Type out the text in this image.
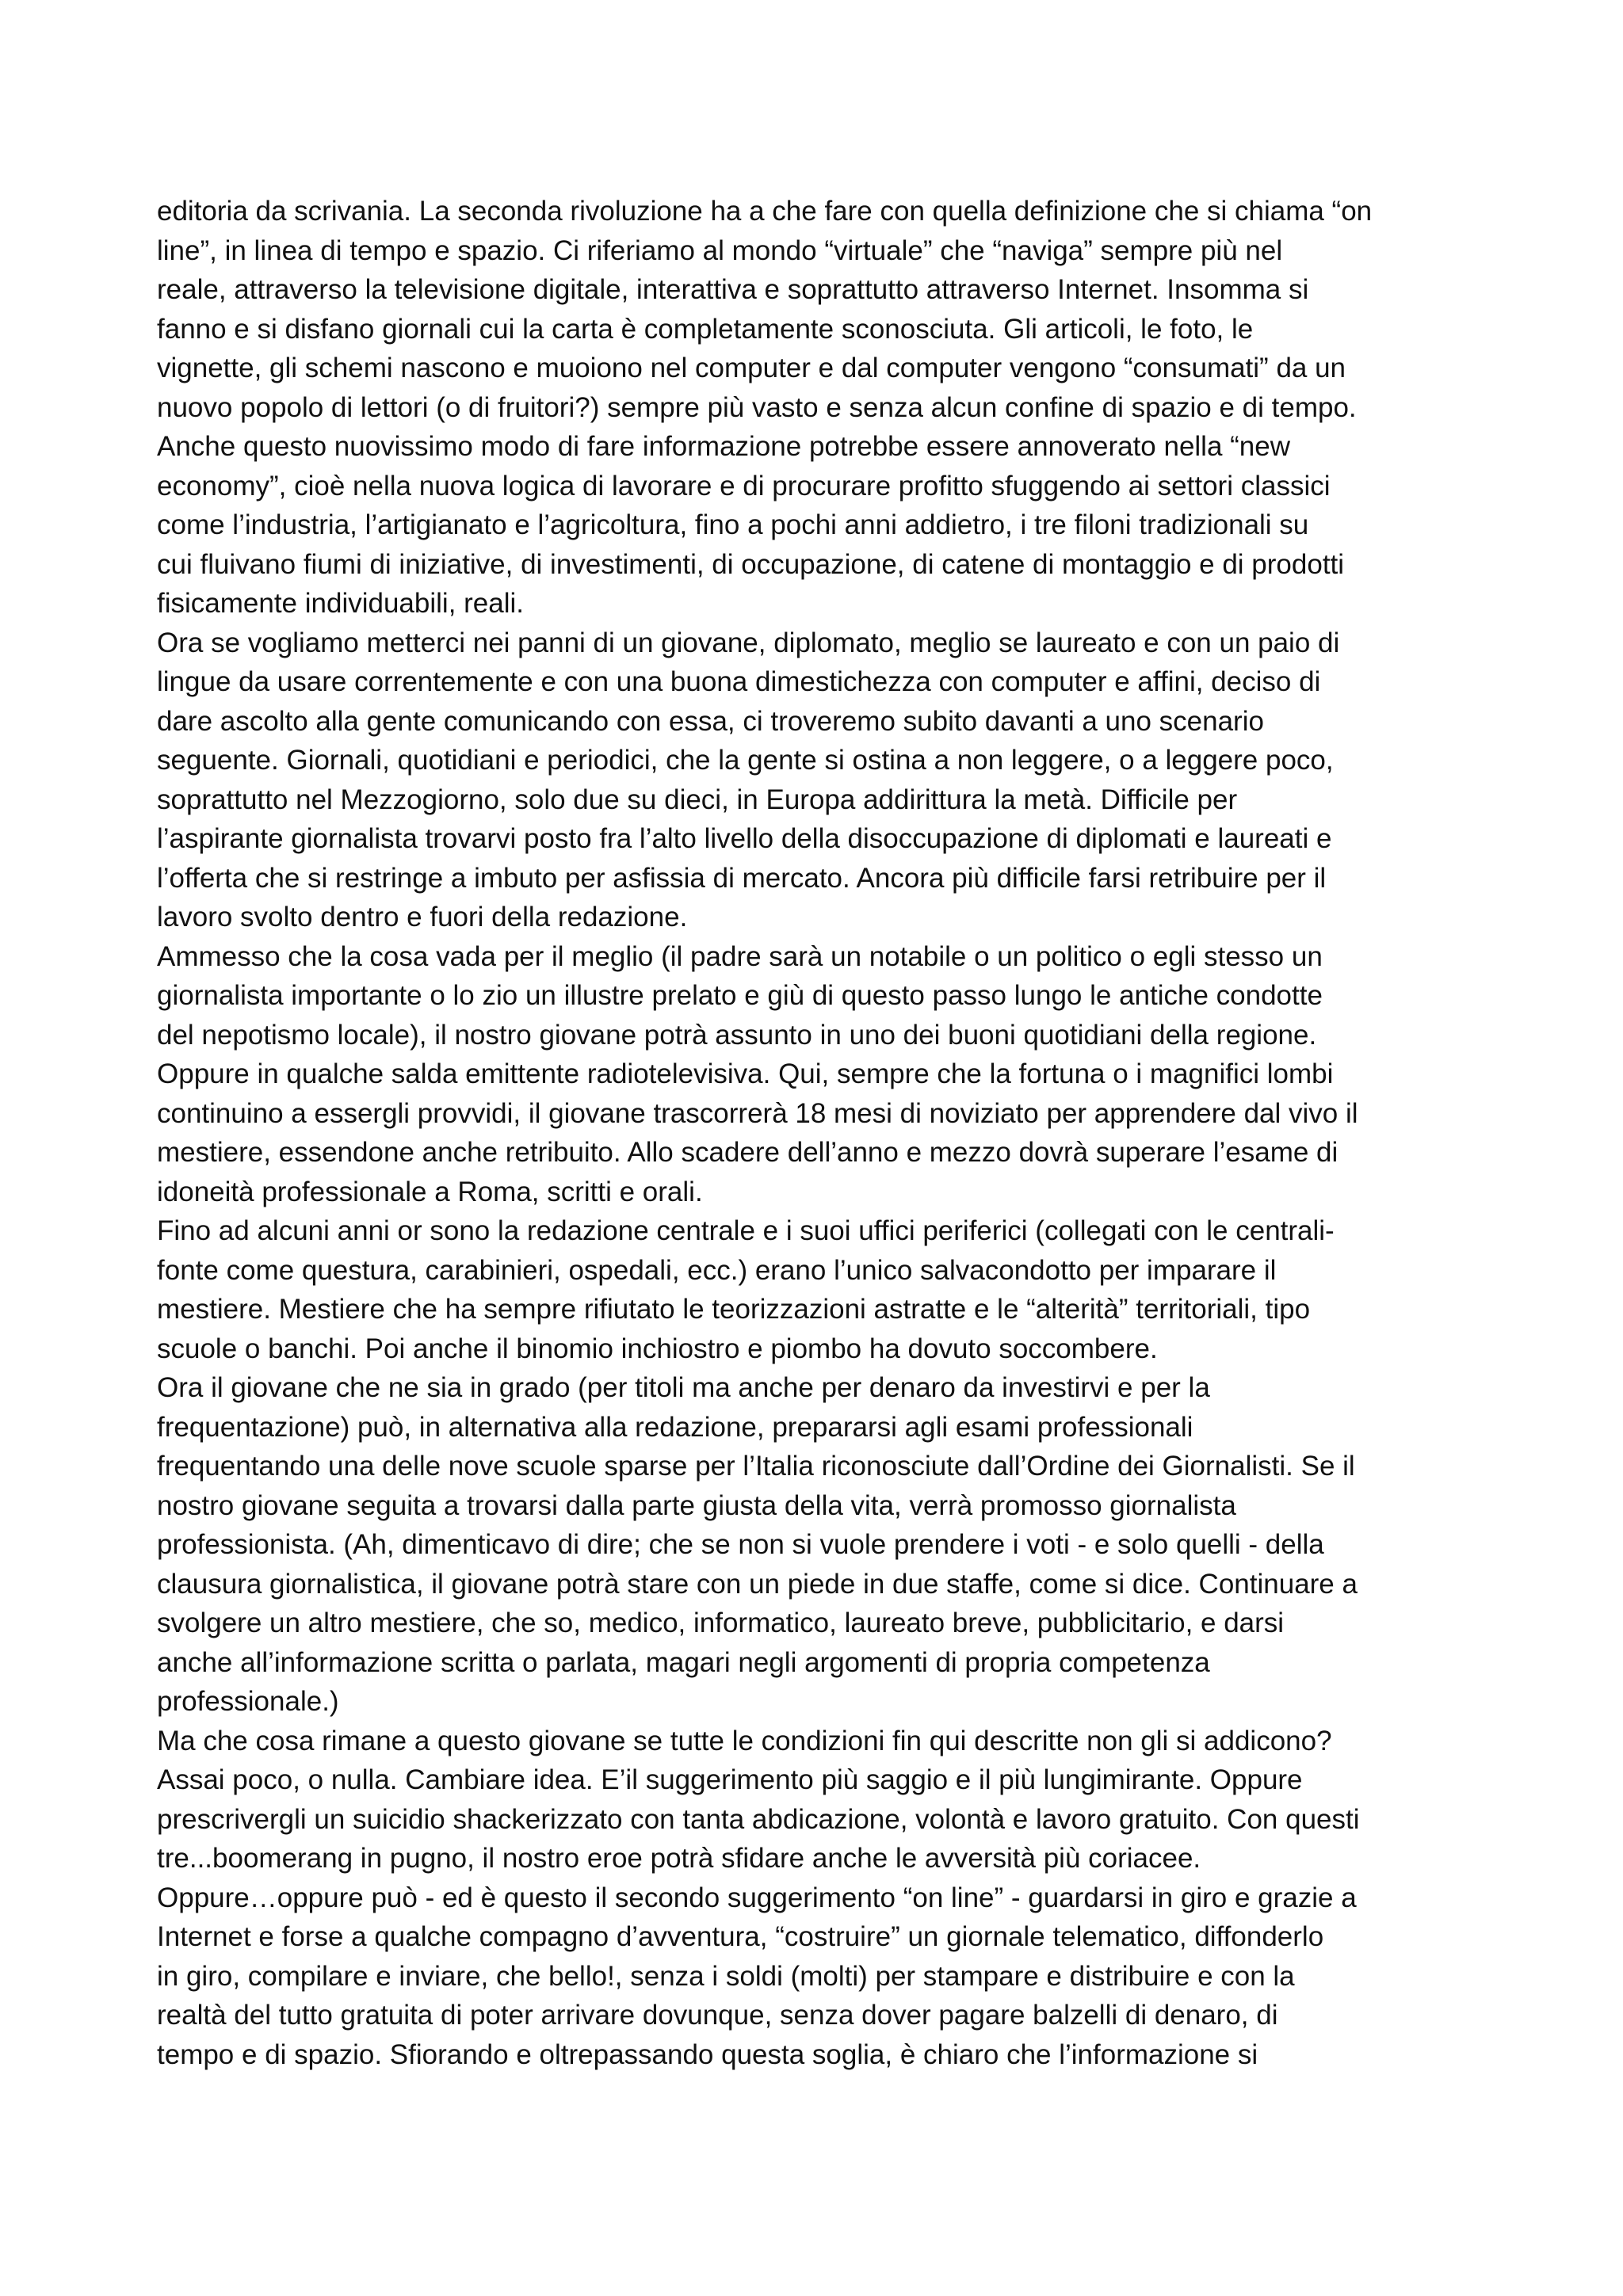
editoria da scrivania. La seconda rivoluzione ha a che fare con quella definizione che si chiama “on
line”, in linea di tempo e spazio. Ci riferiamo al mondo “virtuale” che “naviga” sempre più nel
reale, attraverso la televisione digitale, interattiva e soprattutto attraverso Internet. Insomma si
fanno e si disfano giornali cui la carta è completamente sconosciuta. Gli articoli, le foto, le
vignette, gli schemi nascono e muoiono nel computer e dal computer vengono “consumati” da un
nuovo popolo di lettori (o di fruitori?) sempre più vasto e senza alcun confine di spazio e di tempo.
Anche questo nuovissimo modo di fare informazione potrebbe essere annoverato nella “new
economy”, cioè nella nuova logica di lavorare e di procurare profitto sfuggendo ai settori classici
come l’industria, l’artigianato e l’agricoltura, fino a pochi anni addietro, i tre filoni tradizionali su
cui fluivano fiumi di iniziative, di investimenti, di occupazione, di catene di montaggio e di prodotti
fisicamente individuabili, reali.
Ora se vogliamo metterci nei panni di un giovane, diplomato, meglio se laureato e con un paio di
lingue da usare correntemente e con una buona dimestichezza con computer e affini, deciso di
dare ascolto alla gente comunicando con essa, ci troveremo subito davanti a uno scenario
seguente. Giornali, quotidiani e periodici, che la gente si ostina a non leggere, o a leggere poco,
soprattutto nel Mezzogiorno, solo due su dieci, in Europa addirittura la metà. Difficile per
l’aspirante giornalista trovarvi posto fra l’alto livello della disoccupazione di diplomati e laureati e
l’offerta che si restringe a imbuto per asfissia di mercato. Ancora più difficile farsi retribuire per il
lavoro svolto dentro e fuori della redazione.
Ammesso che la cosa vada per il meglio (il padre sarà un notabile o un politico o egli stesso un
giornalista importante o lo zio un illustre prelato e giù di questo passo lungo le antiche condotte
del nepotismo locale), il nostro giovane potrà assunto in uno dei buoni quotidiani della regione.
Oppure in qualche salda emittente radiotelevisiva. Qui, sempre che la fortuna o i magnifici lombi
continuino a essergli provvidi, il giovane trascorrerà 18 mesi di noviziato per apprendere dal vivo il
mestiere, essendone anche retribuito. Allo scadere dell’anno e mezzo dovrà superare l’esame di
idoneità professionale a Roma, scritti e orali.
Fino ad alcuni anni or sono la redazione centrale e i suoi uffici periferici (collegati con le centrali-
fonte come questura, carabinieri, ospedali, ecc.) erano l’unico salvacondotto per imparare il
mestiere. Mestiere che ha sempre rifiutato le teorizzazioni astratte e le “alterità” territoriali, tipo
scuole o banchi. Poi anche il binomio inchiostro e piombo ha dovuto soccombere.
Ora il giovane che ne sia in grado (per titoli ma anche per denaro da investirvi e per la
frequentazione) può, in alternativa alla redazione, prepararsi agli esami professionali
frequentando una delle nove scuole sparse per l’Italia riconosciute dall’Ordine dei Giornalisti. Se il
nostro giovane seguita a trovarsi dalla parte giusta della vita, verrà promosso giornalista
professionista. (Ah, dimenticavo di dire; che se non si vuole prendere i voti - e solo quelli - della
clausura giornalistica, il giovane potrà stare con un piede in due staffe, come si dice. Continuare a
svolgere un altro mestiere, che so, medico, informatico, laureato breve, pubblicitario, e darsi
anche all’informazione scritta o parlata, magari negli argomenti di propria competenza
professionale.)
Ma che cosa rimane a questo giovane se tutte le condizioni fin qui descritte non gli si addicono?
Assai poco, o nulla. Cambiare idea. E’il suggerimento più saggio e il più lungimirante. Oppure
prescrivergli un suicidio shackerizzato con tanta abdicazione, volontà e lavoro gratuito. Con questi
tre...boomerang in pugno, il nostro eroe potrà sfidare anche le avversità più coriacee.
Oppure…oppure può - ed è questo il secondo suggerimento “on line” - guardarsi in giro e grazie a
Internet e forse a qualche compagno d’avventura, “costruire” un giornale telematico, diffonderlo
in giro, compilare e inviare, che bello!, senza i soldi (molti) per stampare e distribuire e con la
realtà del tutto gratuita di poter arrivare dovunque, senza dover pagare balzelli di denaro, di
tempo e di spazio. Sfiorando e oltrepassando questa soglia, è chiaro che l’informazione si
